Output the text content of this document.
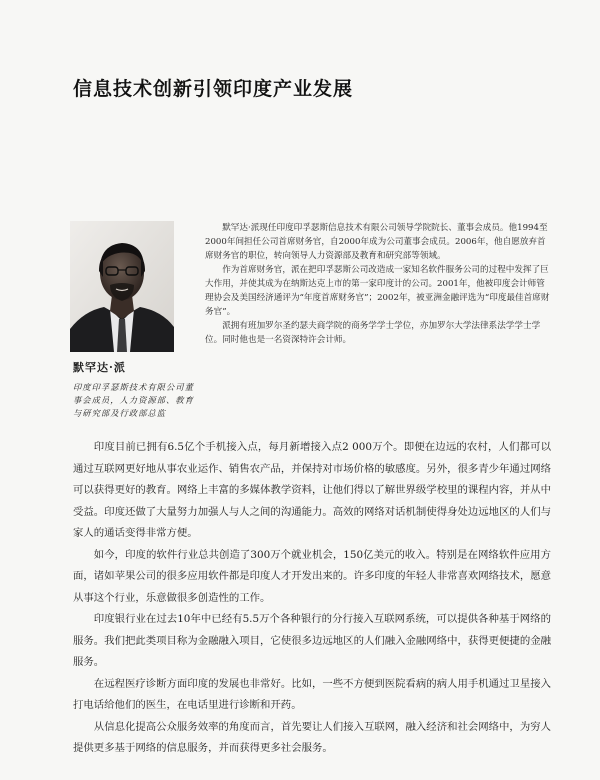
信息技术创新引领印度产业发展

默罕达·派现任印度印孚瑟斯信息技术有限公司领导学院院长、董事会成员。他1994至2000年间担任公司首席财务官，自2000年成为公司董事会成员。2006年，他自愿放弃首席财务官的职位，转向领导人力资源部及教育和研究部等领域。

作为首席财务官，派在把印孚瑟斯公司改造成一家知名软件服务公司的过程中发挥了巨大作用，并使其成为在纳斯达克上市的第一家印度计的公司。2001年，他被印度会计师管理协会及美国经济通评为“年度首席财务官”；2002年，被亚洲金融评选为“印度最佳首席财务官”。

派拥有班加罗尔圣约瑟夫商学院的商务学学士学位，亦加罗尔大学法律系法学学士学位。同时他也是一名资深特许会计师。

默罕达·派
印度印孚瑟斯技术有限公司董事会成员，人力资源部、教育与研究部及行政部总监

印度目前已拥有6.5亿个手机接入点，每月新增接入点2 000万个。即便在边远的农村，人们都可以通过互联网更好地从事农业运作、销售农产品，并保持对市场价格的敏感度。另外，很多青少年通过网络可以获得更好的教育。网络上丰富的多媒体教学资料，让他们得以了解世界级学校里的课程内容，并从中受益。印度还做了大量努力加强人与人之间的沟通能力。高效的网络对话机制使得身处边远地区的人们与家人的通话变得非常方便。

如今，印度的软件行业总共创造了300万个就业机会，150亿美元的收入。特别是在网络软件应用方面，诸如苹果公司的很多应用软件都是印度人才开发出来的。许多印度的年轻人非常喜欢网络技术，愿意从事这个行业，乐意做很多创造性的工作。

印度银行业在过去10年中已经有5.5万个各种银行的分行接入互联网系统，可以提供各种基于网络的服务。我们把此类项目称为金融融入项目，它使很多边远地区的人们融入金融网络中，获得更便捷的金融服务。

在远程医疗诊断方面印度的发展也非常好。比如，一些不方便到医院看病的病人用手机通过卫星接入打电话给他们的医生，在电话里进行诊断和开药。

从信息化提高公众服务效率的角度而言，首先要让人们接入互联网，融入经济和社会网络中，为穷人提供更多基于网络的信息服务，并而获得更多社会服务。
